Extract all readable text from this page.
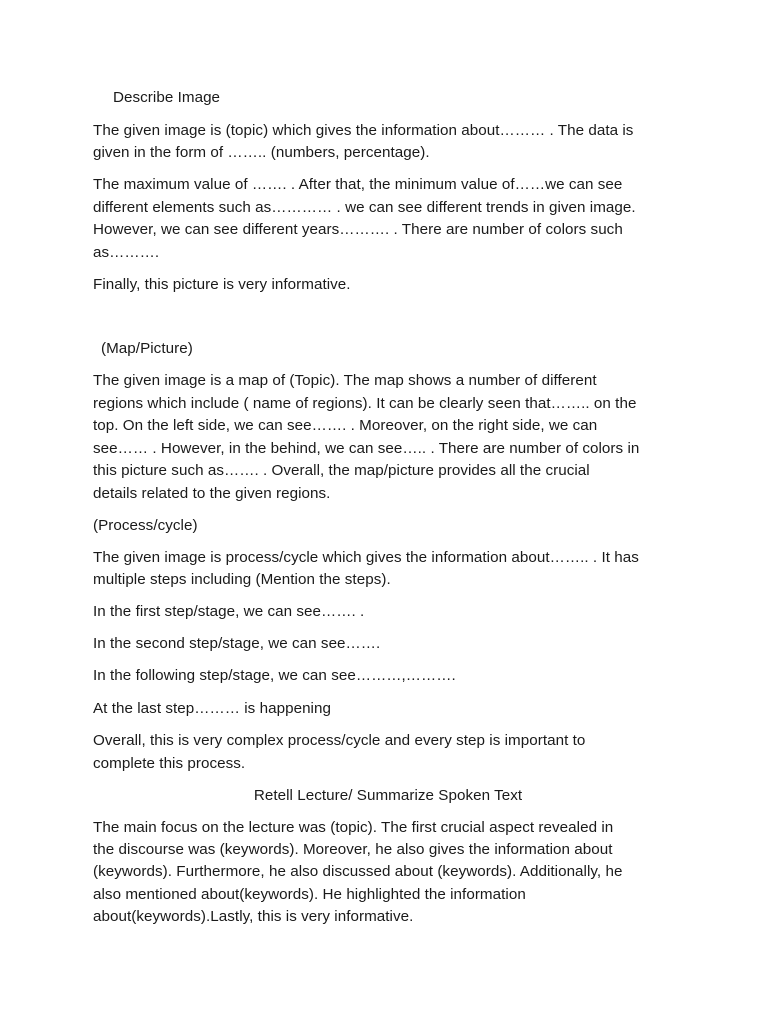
Describe Image
The given image is (topic) which gives the information about……… . The data is
given in the form of …….. (numbers, percentage).
The maximum value of ……. . After that, the minimum value of……we can see
different elements such as………… . we can see different trends in given image.
However, we can see different years………. . There are number of colors such
as……….
Finally, this picture is very informative.
(Map/Picture)
The given image is a map of (Topic). The map shows a number of different
regions which include ( name of regions). It can be clearly seen that…….. on the
top. On the left side, we can see……. . Moreover, on the right side, we can
see…… . However, in the behind, we can see….. . There are number of colors in
this picture such as……. . Overall, the map/picture provides all the crucial
details related to the given regions.
(Process/cycle)
The given image is process/cycle which gives the information about…….. . It has
multiple steps including (Mention the steps).
In the first step/stage, we can see……. .
In the second step/stage, we can see…….
In the following step/stage, we can see………,……….
At the last step……… is happening
Overall, this is very complex process/cycle and every step is important to
complete this process.
Retell Lecture/ Summarize Spoken Text
The main focus on the lecture was (topic). The first crucial aspect revealed in
the discourse was (keywords). Moreover, he also gives the information about
(keywords). Furthermore, he also discussed about (keywords). Additionally, he
also mentioned about(keywords). He highlighted the information
about(keywords).Lastly, this is very informative.
